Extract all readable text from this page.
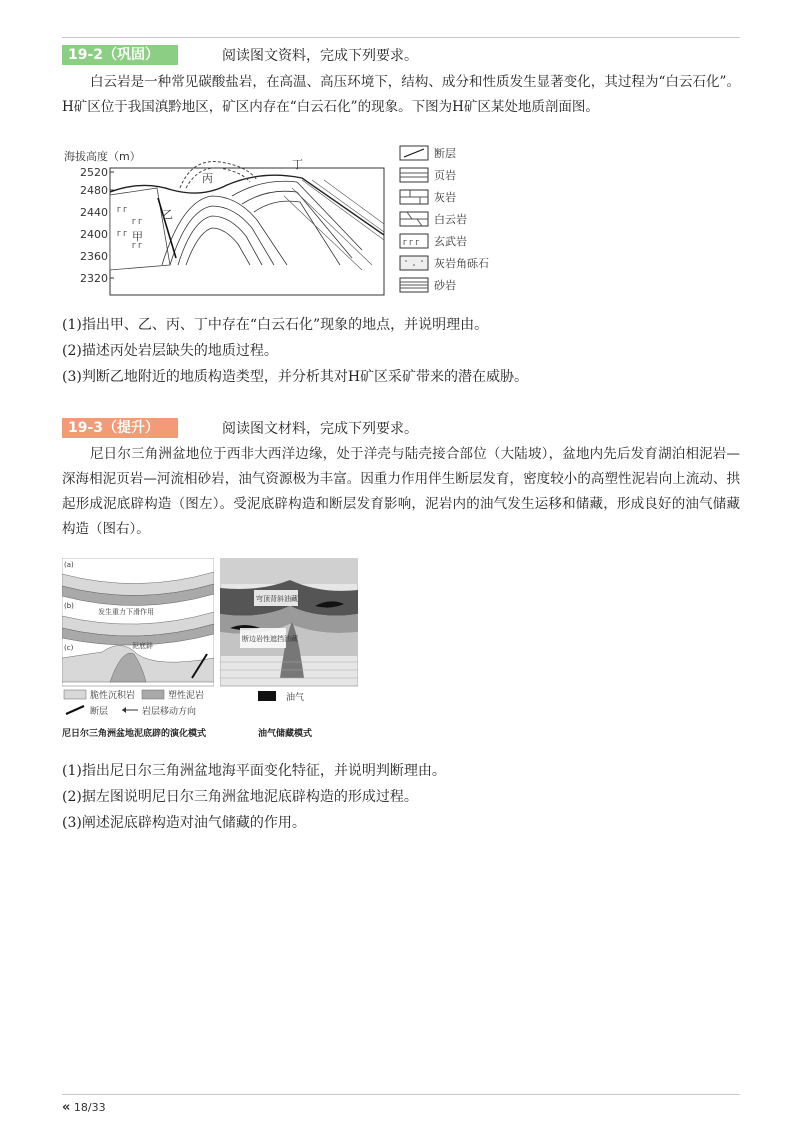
19-2（巩固）	阅读图文资料，完成下列要求。

白云岩是一种常见碳酸盐岩，在高温、高压环境下，结构、成分和性质发生显著变化，其过程为“白云石化”。H矿区位于我国滇黔地区，矿区内存在“白云石化”的现象。下图为H矿区某处地质剖面图。

海拔高度（m）
2520
2480
2440
2400
2360
2320
ᒥ ᒥ
ᒥ ᒥ
ᒥ ᒥ
ᒥ ᒥ
甲
乙
丙
丁
断层
页岩
灰岩
白云岩
ᒥ ᒥ ᒥ 玄武岩
灰岩角砾石
砂岩

(1)指出甲、乙、丙、丁中存在“白云石化”现象的地点，并说明理由。

(2)描述丙处岩层缺失的地质过程。

(3)判断乙地附近的地质构造类型，并分析其对H矿区采矿带来的潜在威胁。

19-3（提升）	阅读图文材料，完成下列要求。

尼日尔三角洲盆地位于西非大西洋边缘，处于洋壳与陆壳接合部位（大陆坡），盆地内先后发育湖泊相泥岩—深海相泥页岩—河流相砂岩，油气资源极为丰富。因重力作用伴生断层发育，密度较小的高塑性泥岩向上流动、拱起形成泥底辟构造（图左）。受泥底辟构造和断层发育影响，泥岩内的油气发生运移和储藏，形成良好的油气储藏构造（图右）。

(a)
(b)
发生重力下滑作用
(c)	泥底辟
脆性沉积岩	塑性泥岩
断层	岩层移动方向
尼日尔三角洲盆地泥底辟的演化模式
穹顶背斜油藏
断边岩性遮挡油藏
油气
油气储藏模式

(1)指出尼日尔三角洲盆地海平面变化特征，并说明判断理由。

(2)据左图说明尼日尔三角洲盆地泥底辟构造的形成过程。

(3)阐述泥底辟构造对油气储藏的作用。

« 18/33
